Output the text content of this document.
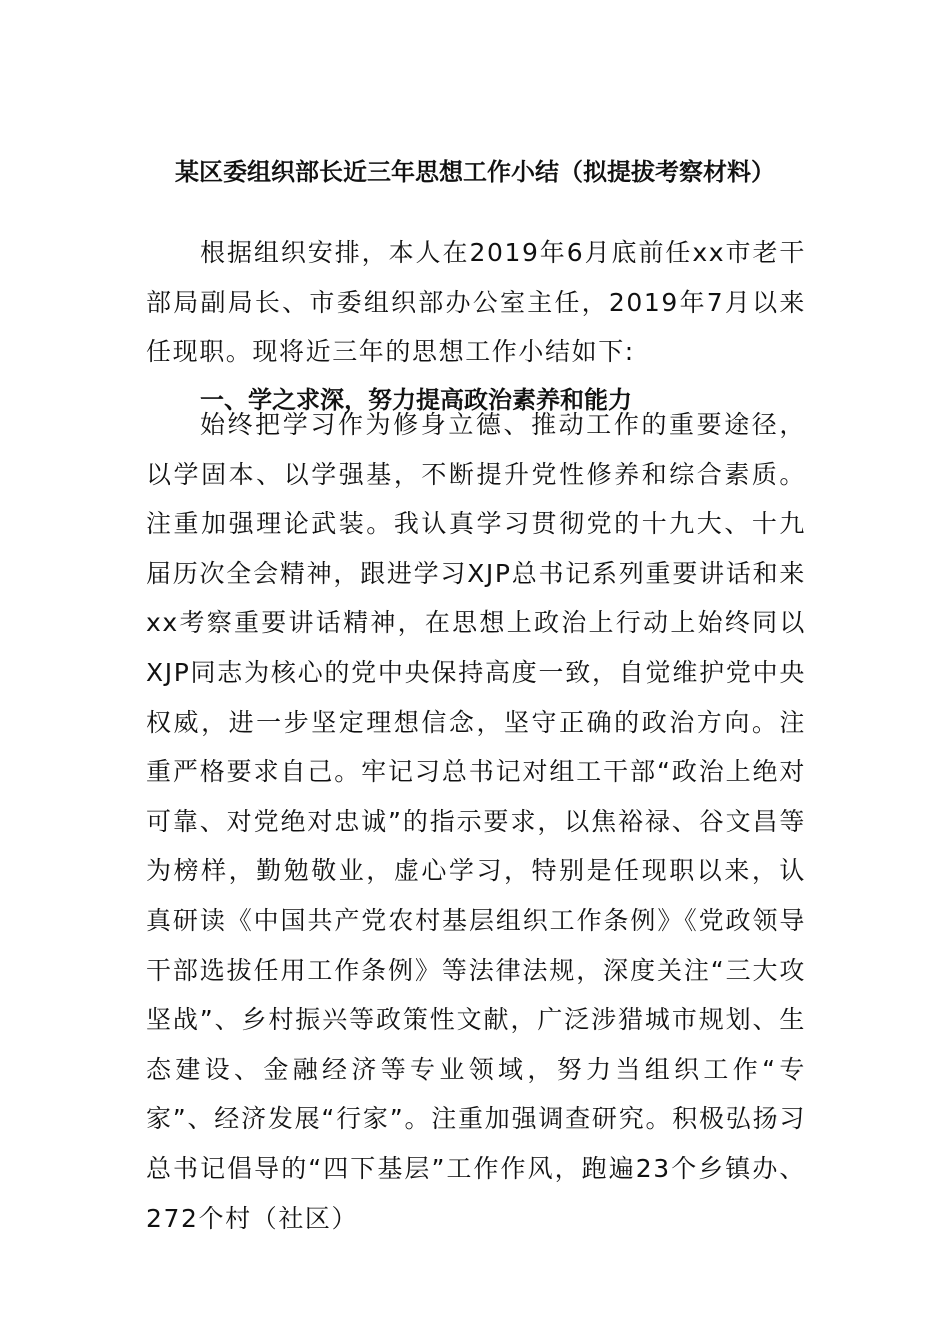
某区委组织部长近三年思想工作小结（拟提拔考察材料）

根据组织安排，本人在2019年6月底前任xx市老干部局副局长、市委组织部办公室主任，2019年7月以来任现职。现将近三年的思想工作小结如下:

一、学之求深，努力提高政治素养和能力

始终把学习作为修身立德、推动工作的重要途径，以学固本、以学强基，不断提升党性修养和综合素质。注重加强理论武装。我认真学习贯彻党的十九大、十九届历次全会精神，跟进学习XJP总书记系列重要讲话和来xx考察重要讲话精神，在思想上政治上行动上始终同以XJP同志为核心的党中央保持高度一致，自觉维护党中央权威，进一步坚定理想信念，坚守正确的政治方向。注重严格要求自己。牢记习总书记对组工干部“政治上绝对可靠、对党绝对忠诚”的指示要求，以焦裕禄、谷文昌等为榜样，勤勉敬业，虚心学习，特别是任现职以来，认真研读《中国共产党农村基层组织工作条例》《党政领导干部选拔任用工作条例》等法律法规，深度关注“三大攻坚战”、乡村振兴等政策性文献，广泛涉猎城市规划、生态建设、金融经济等专业领域，努力当组织工作“专家”、经济发展“行家”。注重加强调查研究。积极弘扬习总书记倡导的“四下基层”工作作风，跑遍23个乡镇办、272个村（社区）
